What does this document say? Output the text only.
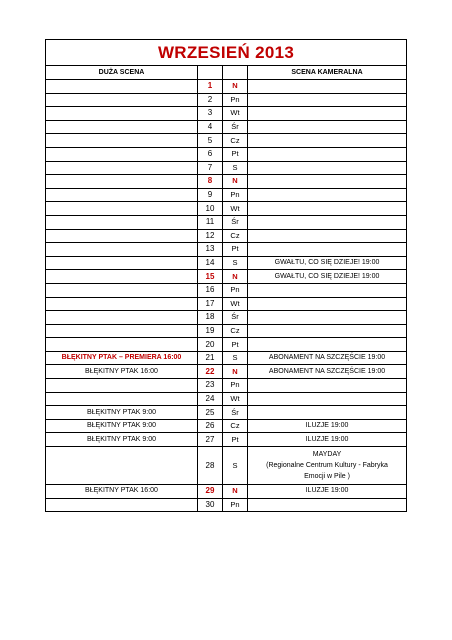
WRZESIEŃ 2013			
DUŻA SCENA			SCENA KAMERALNA
	1	N	
	2	Pn	
	3	Wt	
	4	Śr	
	5	Cz	
	6	Pt	
	7	S	
	8	N	
	9	Pn	
	10	Wt	
	11	Śr	
	12	Cz	
	13	Pt	
	14	S	GWAŁTU, CO SIĘ DZIEJE! 19:00
	15	N	GWAŁTU, CO SIĘ DZIEJE! 19:00
	16	Pn	
	17	Wt	
	18	Śr	
	19	Cz	
	20	Pt	
BŁĘKITNY PTAK – PREMIERA 16:00	21	S	ABONAMENT NA SZCZĘŚCIE 19:00
BŁĘKITNY PTAK 16:00	22	N	ABONAMENT NA SZCZĘŚCIE 19:00
	23	Pn	
	24	Wt	
BŁĘKITNY PTAK 9:00	25	Śr	
BŁĘKITNY PTAK 9:00	26	Cz	ILUZJE 19:00
BŁĘKITNY PTAK 9:00	27	Pt	ILUZJE 19:00
	28	S	MAYDAY
(Regionalne Centrum Kultury - Fabryka
Emocji w Pile )

BŁĘKITNY PTAK 16:00	29	N	ILUZJE 19:00
	30	Pn	
